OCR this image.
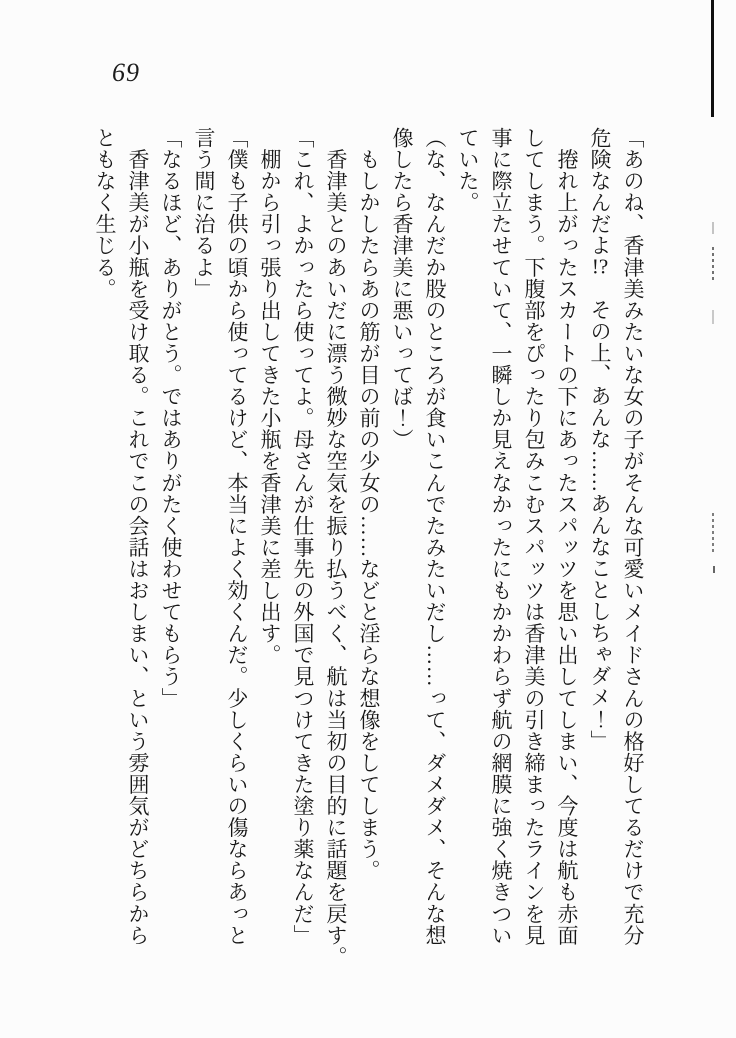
69
「あのね、香津美みたいな女の子がそんな可愛いメイドさんの格好してるだけで充分
危険なんだよ!?　その上、あんな……あんなことしちゃダメ！」
　捲れ上がったスカートの下にあったスパッツを思い出してしまい、今度は航も赤面
してしまう。下腹部をぴったり包みこむスパッツは香津美の引き締まったラインを見
事に際立たせていて、一瞬しか見えなかったにもかかわらず航の網膜に強く焼きつい
ていた。
（な、なんだか股のところが食いこんでたみたいだし……って、ダメダメ、そんな想
像したら香津美に悪いってば！）
　もしかしたらあの筋が目の前の少女の……などと淫らな想像をしてしまう。
　香津美とのあいだに漂う微妙な空気を振り払うべく、航は当初の目的に話題を戻す。
「これ、よかったら使ってよ。母さんが仕事先の外国で見つけてきた塗り薬なんだ」
　棚から引っ張り出してきた小瓶を香津美に差し出す。
「僕も子供の頃から使ってるけど、本当によく効くんだ。少しくらいの傷ならあっと
言う間に治るよ」
「なるほど、ありがとう。ではありがたく使わせてもらう」
　香津美が小瓶を受け取る。これでこの会話はおしまい、という雰囲気がどちらから
ともなく生じる。
